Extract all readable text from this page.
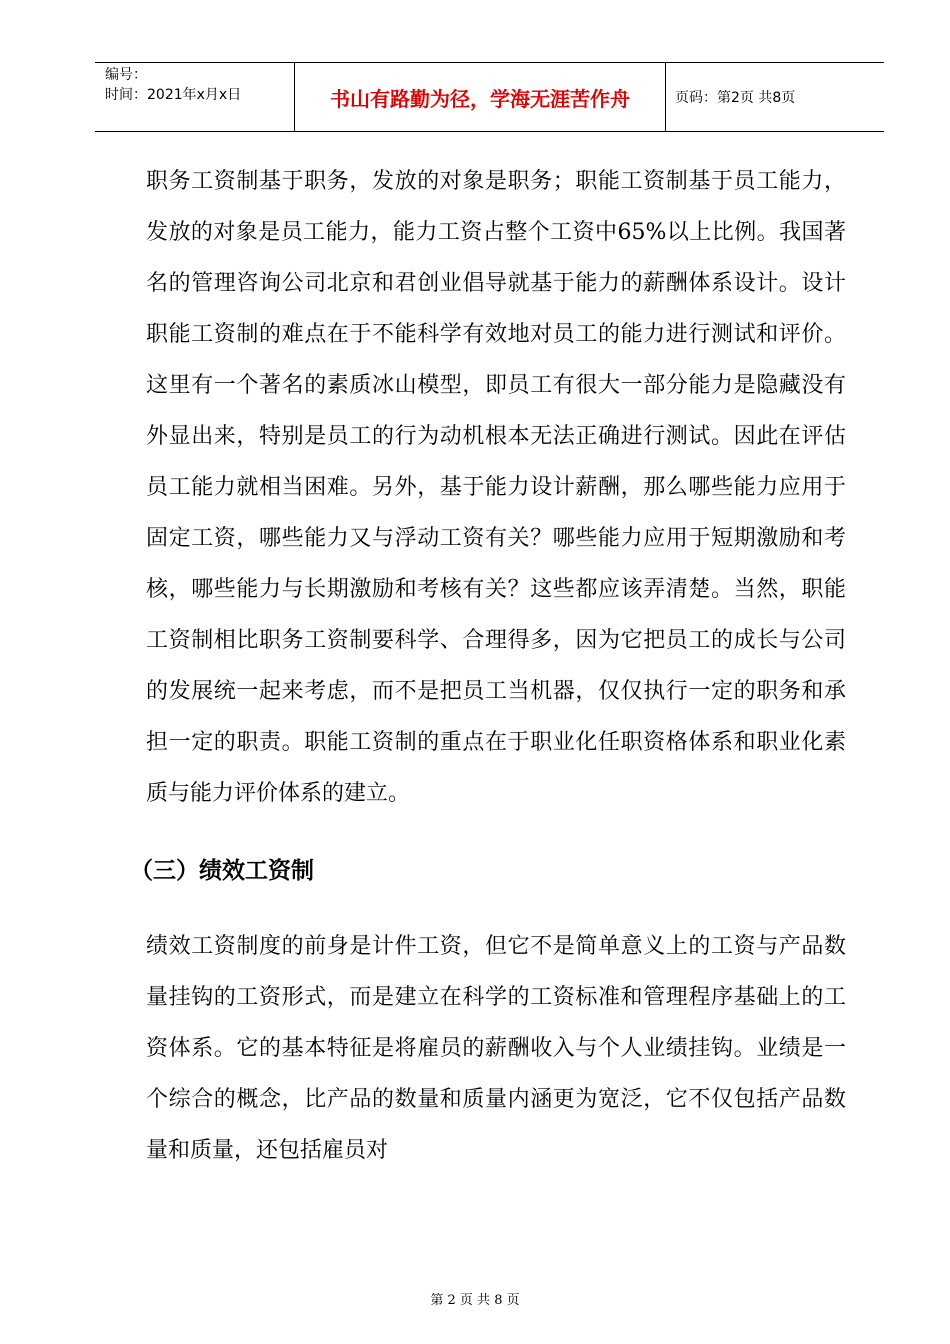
编号：
时间：2021年x月x日	书山有路勤为径，学海无涯苦作舟	页码：第2页 共8页

职务工资制基于职务，发放的对象是职务；职能工资制基于员工能力，发放的对象是员工能力，能力工资占整个工资中65%以上比例。我国著名的管理咨询公司北京和君创业倡导就基于能力的薪酬体系设计。设计职能工资制的难点在于不能科学有效地对员工的能力进行测试和评价。这里有一个著名的素质冰山模型，即员工有很大一部分能力是隐藏没有外显出来，特别是员工的行为动机根本无法正确进行测试。因此在评估员工能力就相当困难。另外，基于能力设计薪酬，那么哪些能力应用于固定工资，哪些能力又与浮动工资有关？哪些能力应用于短期激励和考核，哪些能力与长期激励和考核有关？这些都应该弄清楚。当然，职能工资制相比职务工资制要科学、合理得多，因为它把员工的成长与公司的发展统一起来考虑，而不是把员工当机器，仅仅执行一定的职务和承担一定的职责。职能工资制的重点在于职业化任职资格体系和职业化素质与能力评价体系的建立。

（三）绩效工资制

绩效工资制度的前身是计件工资，但它不是简单意义上的工资与产品数量挂钩的工资形式，而是建立在科学的工资标准和管理程序基础上的工资体系。它的基本特征是将雇员的薪酬收入与个人业绩挂钩。业绩是一个综合的概念，比产品的数量和质量内涵更为宽泛，它不仅包括产品数量和质量，还包括雇员对

第 2 页 共 8 页
